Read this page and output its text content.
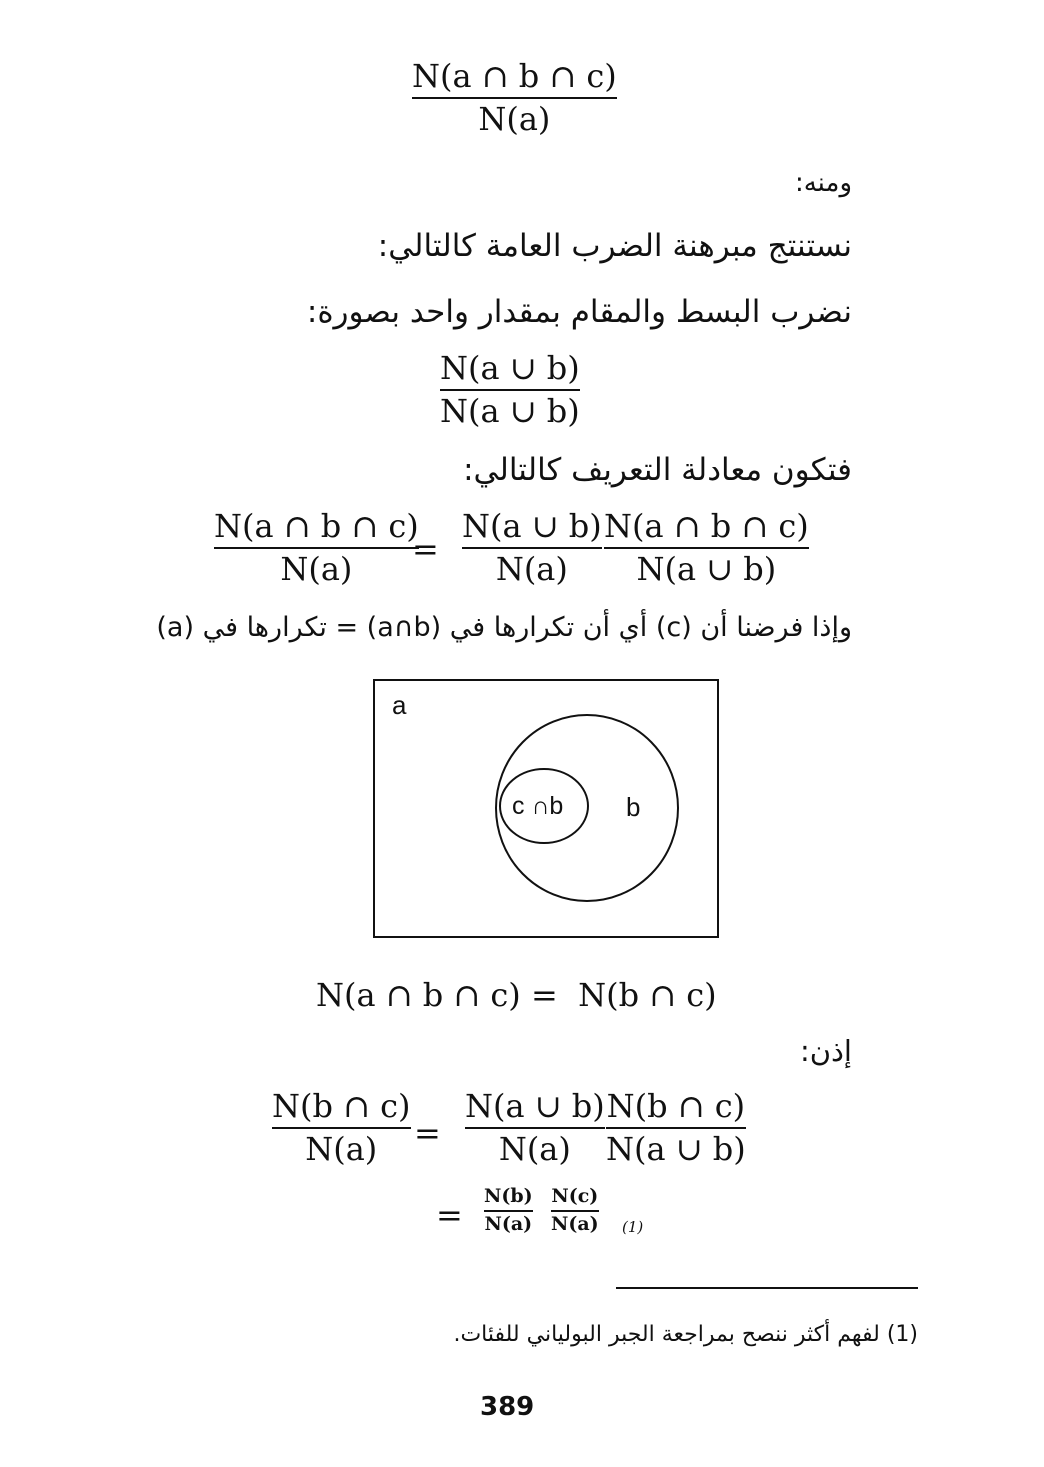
N(a ∩ b ∩ c)
N(a)
ومنه:
نستنتج مبرهنة الضرب العامة كالتالي:
نضرب البسط والمقام بمقدار واحد بصورة:
N(a ∪ b)
N(a ∪ b)
فتكون معادلة التعريف كالتالي:
N(a ∩ b ∩ c)
N(a)
=
N(a ∪ b)
N(a)
N(a ∩ b ∩ c)
N(a ∪ b)
وإذا فرضنا أن (c) أي أن تكرارها في (a∩b) = تكرارها في (a)
a
b
c ∩b
N(a ∩ b ∩ c) =  N(b ∩ c)
إذن:
N(b ∩ c)
N(a) =
N(a ∪ b)
N(a)
N(b ∩ c)
N(a ∪ b)
= N(b)
N(a)
N(c)
N(a) (1)
(1) لفهم أكثر ننصح بمراجعة الجبر البولياني للفئات.
389
